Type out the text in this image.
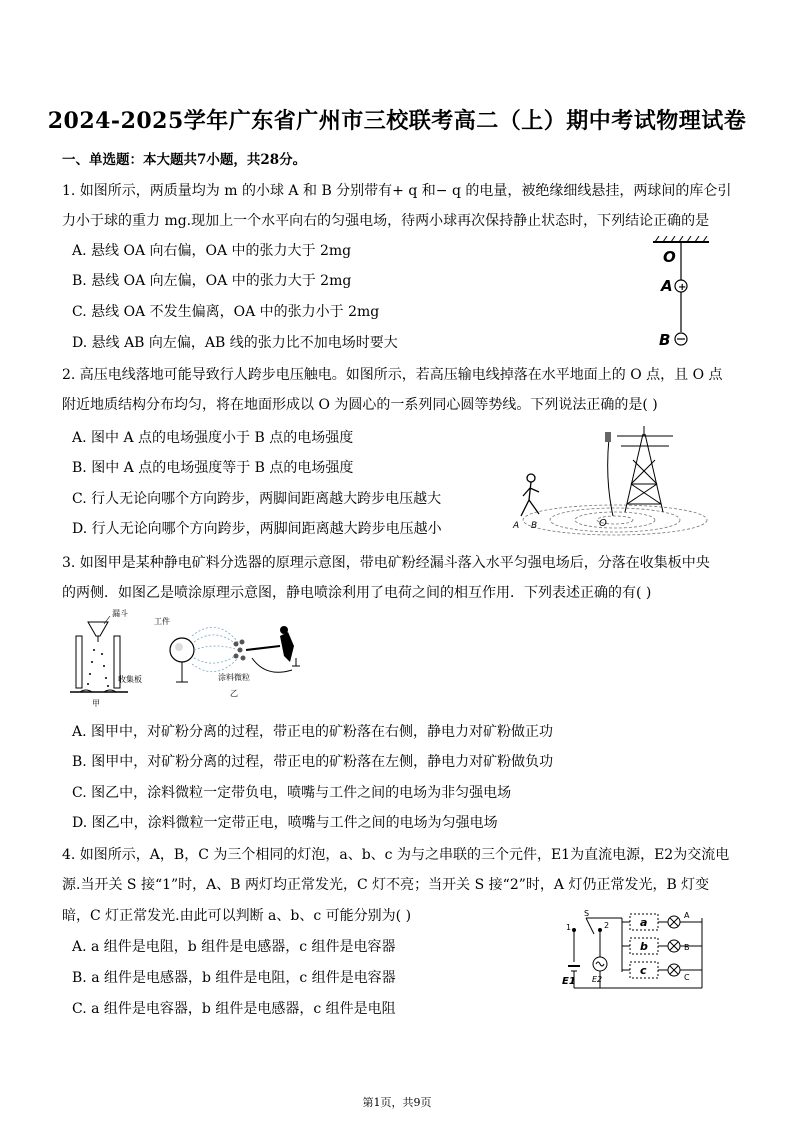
2024-2025学年广东省广州市三校联考高二（上）期中考试物理试卷
一、单选题：本大题共7小题，共28分。
1. 如图所示，两质量均为 m 的小球 A 和 B 分别带有+ q 和− q 的电量，被绝缘细线悬挂，两球间的库仑引
力小于球的重力 mg.现加上一个水平向右的匀强电场，待两小球再次保持静止状态时，下列结论正确的是
A. 悬线 OA 向右偏，OA 中的张力大于 2mg
B. 悬线 OA 向左偏，OA 中的张力大于 2mg
C. 悬线 OA 不发生偏离，OA 中的张力小于 2mg
D. 悬线 AB 向左偏，AB 线的张力比不加电场时要大
+
O
A
B
2. 高压电线落地可能导致行人跨步电压触电。如图所示，若高压输电线掉落在水平地面上的 O 点，且 O 点
附近地质结构分布均匀，将在地面形成以 O 为圆心的一系列同心圆等势线。下列说法正确的是( )
A. 图中 A 点的电场强度小于 B 点的电场强度
B. 图中 A 点的电场强度等于 B 点的电场强度
C. 行人无论向哪个方向跨步，两脚间距离越大跨步电压越大
D. 行人无论向哪个方向跨步，两脚间距离越大跨步电压越小	A B	O
3. 如图甲是某种静电矿料分选器的原理示意图，带电矿粉经漏斗落入水平匀强电场后，分落在收集板中央
的两侧．如图乙是喷涂原理示意图，静电喷涂利用了电荷之间的相互作用．下列表述正确的有( )
漏斗
收集板
甲
工件
涂料微粒
乙
A. 图甲中，对矿粉分离的过程，带正电的矿粉落在右侧，静电力对矿粉做正功
B. 图甲中，对矿粉分离的过程，带正电的矿粉落在左侧，静电力对矿粉做负功
C. 图乙中，涂料微粒一定带负电，喷嘴与工件之间的电场为非匀强电场
D. 图乙中，涂料微粒一定带正电，喷嘴与工件之间的电场为匀强电场
4. 如图所示，A，B，C 为三个相同的灯泡，a、b、c 为与之串联的三个元件，E1为直流电源，E2为交流电
源.当开关 S 接“1”时，A、B 两灯均正常发光，C 灯不亮；当开关 S 接“2”时，A 灯仍正常发光，B 灯变
暗，C 灯正常发光.由此可以判断 a、b、c 可能分别为( )
A. a 组件是电阻，b 组件是电感器，c 组件是电容器
B. a 组件是电感器，b 组件是电阻，c 组件是电容器
C. a 组件是电容器，b 组件是电感器，c 组件是电阻
1
S
2	a
b
c
A
B
C
E1 E2
第1页，共9页
